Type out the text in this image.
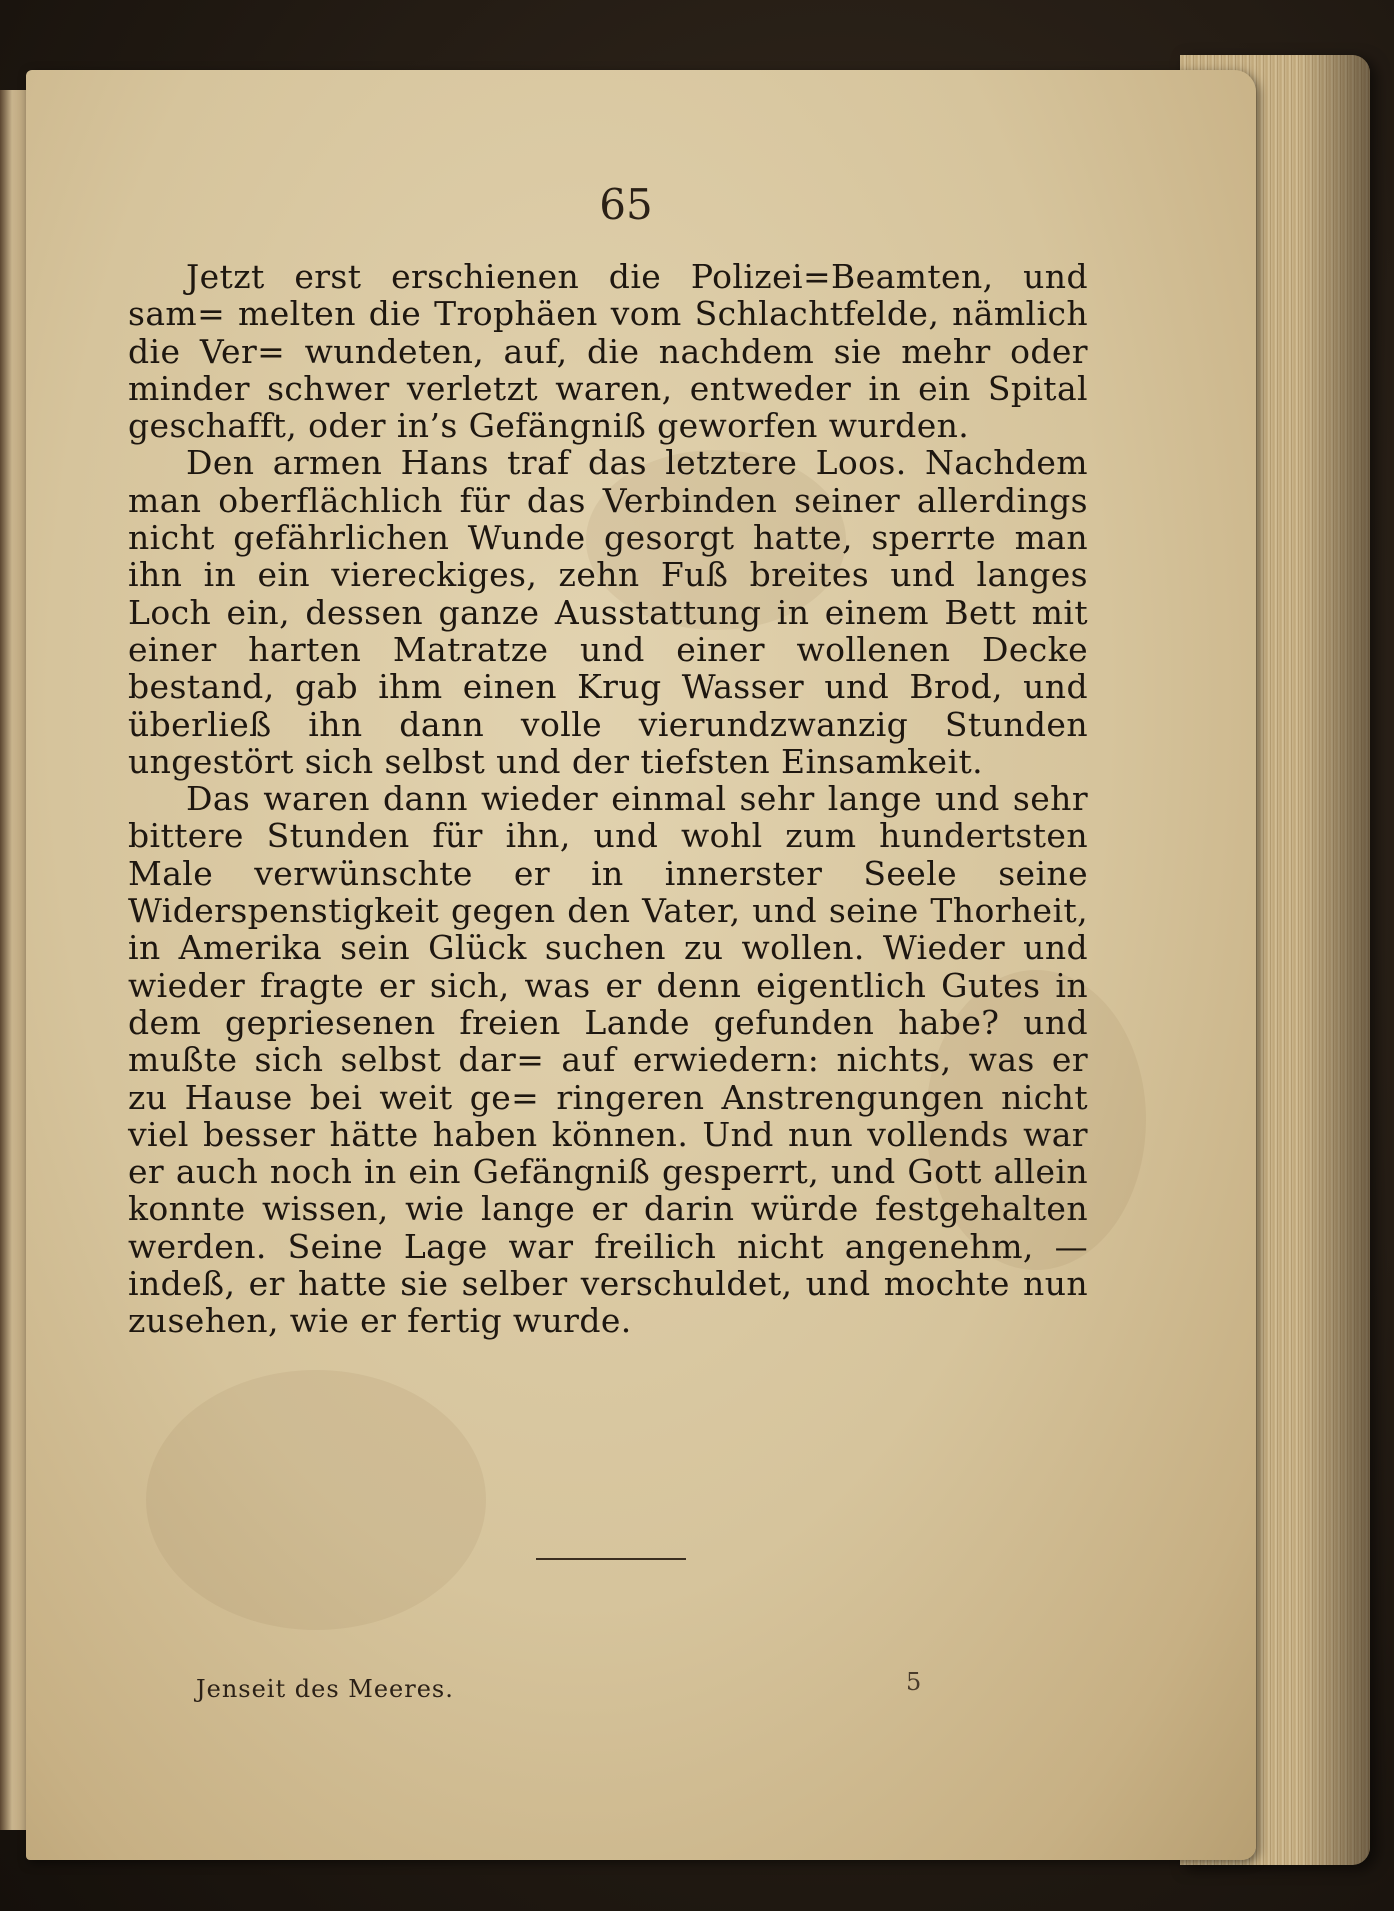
65

Jetzt erst erschienen die Polizei=Beamten, und sam= melten die Trophäen vom Schlachtfelde, nämlich die Ver= wundeten, auf, die nachdem sie mehr oder minder schwer verletzt waren, entweder in ein Spital geschafft, oder in’s Gefängniß geworfen wurden.

Den armen Hans traf das letztere Loos. Nachdem man oberflächlich für das Verbinden seiner allerdings nicht gefährlichen Wunde gesorgt hatte, sperrte man ihn in ein viereckiges, zehn Fuß breites und langes Loch ein, dessen ganze Ausstattung in einem Bett mit einer harten Matratze und einer wollenen Decke bestand, gab ihm einen Krug Wasser und Brod, und überließ ihn dann volle vierundzwanzig Stunden ungestört sich selbst und der tiefsten Einsamkeit.

Das waren dann wieder einmal sehr lange und sehr bittere Stunden für ihn, und wohl zum hundertsten Male verwünschte er in innerster Seele seine Widerspenstigkeit gegen den Vater, und seine Thorheit, in Amerika sein Glück suchen zu wollen. Wieder und wieder fragte er sich, was er denn eigentlich Gutes in dem gepriesenen freien Lande gefunden habe? und mußte sich selbst dar= auf erwiedern: nichts, was er zu Hause bei weit ge= ringeren Anstrengungen nicht viel besser hätte haben können. Und nun vollends war er auch noch in ein Gefängniß gesperrt, und Gott allein konnte wissen, wie lange er darin würde festgehalten werden. Seine Lage war freilich nicht angenehm, — indeß, er hatte sie selber verschuldet, und mochte nun zusehen, wie er fertig wurde.

Jenseit des Meeres.	5
